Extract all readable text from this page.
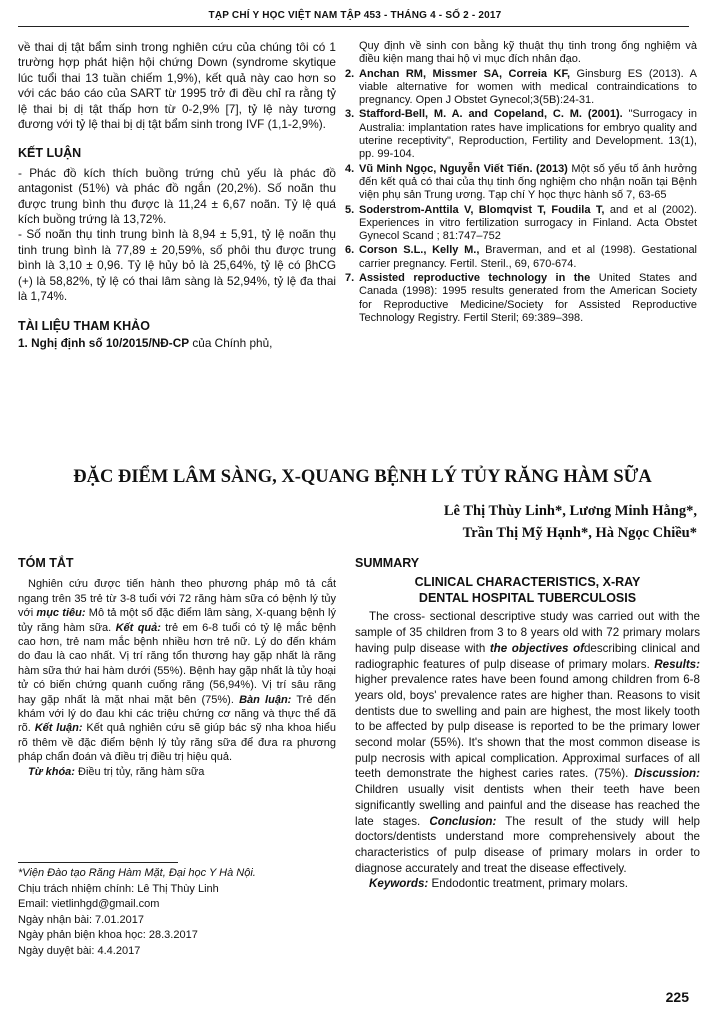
TẠP CHÍ Y HỌC VIỆT NAM TẬP 453 - THÁNG 4 - SỐ 2 - 2017

về thai dị tật bẩm sinh trong nghiên cứu của chúng tôi có 1 trường hợp phát hiện hội chứng Down (syndrome skytique lúc tuổi thai 13 tuần chiếm 1,9%), kết quả này cao hơn so với các báo cáo của SART từ 1995 trở đi đều chỉ ra rằng tỷ lệ thai bị dị tật thấp hơn từ 0-2,9% [7], tỷ lệ này tương đương với tỷ lệ thai bị dị tật bẩm sinh trong IVF (1,1-2,9%).

KẾT LUẬN

- Phác đồ kích thích buồng trứng chủ yếu là phác đồ antagonist (51%) và phác đồ ngắn (20,2%). Số noãn thu được trung bình thu được là 11,24 ± 6,67 noãn. Tỷ lệ quá kích buồng trứng là 13,72%.

- Số noãn thụ tinh trung bình là 8,94 ± 5,91, tỷ lệ noãn thụ tinh trung bình là 77,89 ± 20,59%, số phôi thu được trung bình là 3,10 ± 0,96. Tỷ lệ hủy bỏ là 25,64%, tỷ lệ có βhCG (+) là 58,82%, tỷ lệ có thai lâm sàng là 52,94%, tỷ lệ đa thai là 1,74%.

TÀI LIỆU THAM KHẢO

1. Nghị định số 10/2015/NĐ-CP của Chính phủ,

Quy định về sinh con bằng kỹ thuật thụ tinh trong ống nghiệm và điều kiện mang thai hộ vì mục đích nhân đạo.
2. Anchan RM, Missmer SA, Correia KF, Ginsburg ES (2013). A viable alternative for women with medical contraindications to pregnancy. Open J Obstet Gynecol;3(5B):24-31.
3. Stafford-Bell, M. A. and Copeland, C. M. (2001). "Surrogacy in Australia: implantation rates have implications for embryo quality and uterine receptivity", Reproduction, Fertility and Development. 13(1), pp. 99-104.
4. Vũ Minh Ngọc, Nguyễn Viết Tiến. (2013) Một số yếu tố ảnh hưởng đến kết quả có thai của thụ tinh ống nghiệm cho nhận noãn tại Bệnh viện phụ sản Trung ương. Tạp chí Y học thực hành số 7, 63-65
5. Soderstrom-Anttila V, Blomqvist T, Foudila T, and et al (2002). Experiences in vitro fertilization surrogacy in Finland. Acta Obstet Gynecol Scand ; 81:747–752
6. Corson S.L., Kelly M., Braverman, and et al (1998). Gestational carrier pregnancy. Fertil. Steril., 69, 670-674.
7. Assisted reproductive technology in the United States and Canada (1998): 1995 results generated from the American Society for Reproductive Medicine/Society for Assisted Reproductive Technology Registry. Fertil Steril; 69:389–398.
ĐẶC ĐIỂM LÂM SÀNG, X-QUANG BỆNH LÝ TỦY RĂNG HÀM SỮA
Lê Thị Thùy Linh*, Lương Minh Hằng*,
Trần Thị Mỹ Hạnh*, Hà Ngọc Chiều*

TÓM TẮT

Nghiên cứu được tiến hành theo phương pháp mô tả cắt ngang trên 35 trẻ từ 3-8 tuổi với 72 răng hàm sữa có bệnh lý tủy với mục tiêu: Mô tả một số đặc điểm lâm sàng, X-quang bệnh lý tủy răng hàm sữa. Kết quả: trẻ em 6-8 tuổi có tỷ lệ mắc bệnh cao hơn, trẻ nam mắc bệnh nhiều hơn trẻ nữ. Lý do đến khám do đau là cao nhất. Vị trí răng tổn thương hay gặp nhất là răng hàm sữa thứ hai hàm dưới (55%). Bệnh hay gặp nhất là tủy hoại tử có biến chứng quanh cuống răng (56,94%). Vị trí sâu răng hay gặp nhất là mặt nhai mặt bên (75%). Bàn luận: Trẻ đến khám với lý do đau khi các triệu chứng cơ năng và thực thể đã rõ. Kết luận: Kết quả nghiên cứu sẽ giúp bác sỹ nha khoa hiểu rõ thêm về đặc điểm bệnh lý tủy răng sữa để đưa ra phương pháp chẩn đoán và điều trị điều trị hiệu quả.

Từ khóa: Điều trị tủy, răng hàm sữa

*Viện Đào tạo Răng Hàm Mặt, Đại học Y Hà Nội.
Chịu trách nhiệm chính: Lê Thị Thùy Linh
Email: vietlinhgd@gmail.com
Ngày nhận bài: 7.01.2017
Ngày phản biện khoa học: 28.3.2017
Ngày duyệt bài: 4.4.2017
SUMMARY
CLINICAL CHARACTERISTICS, X-RAY
DENTAL HOSPITAL TUBERCULOSIS

The cross- sectional descriptive study was carried out with the sample of 35 children from 3 to 8 years old with 72 primary molars having pulp disease with the objectives ofdescribing clinical and radiographic features of pulp disease of primary molars. Results: higher prevalence rates have been found among children from 6-8 years old, boys' prevalence rates are higher than. Reasons to visit dentists due to swelling and pain are highest, the most likely tooth to be affected by pulp disease is reported to be the primary lower second molar (55%). It's shown that the most common disease is pulp necrosis with apical complication. Approximal surfaces of all teeth demonstrate the highest caries rates. (75%). Discussion: Children usually visit dentists when their teeth have been significantly swelling and painful and the disease has reached the late stages. Conclusion: The result of the study will help doctors/dentists understand more comprehensively about the characteristics of pulp disease of primary molars in order to diagnose accurately and treat the disease effectively.

Keywords: Endodontic treatment, primary molars.

225
